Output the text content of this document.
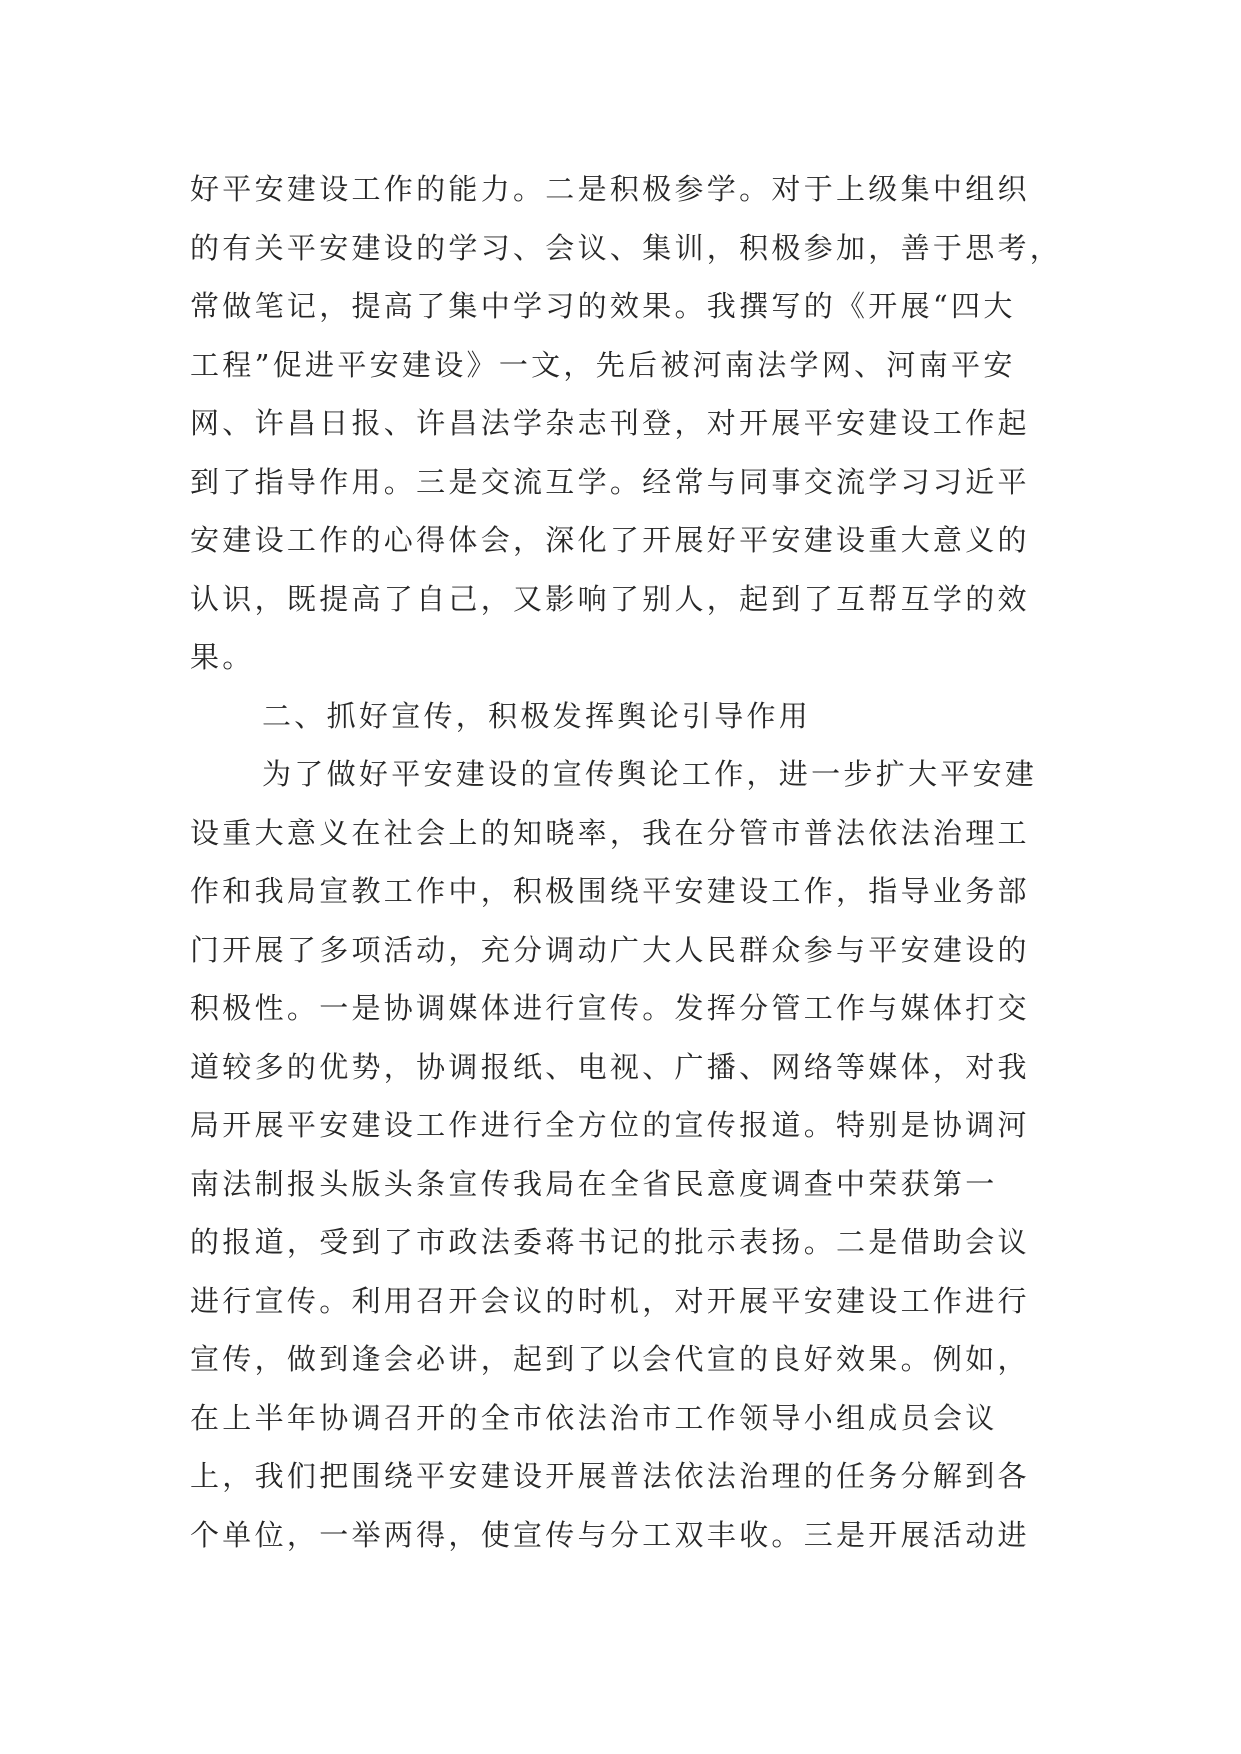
好平安建设工作的能力。二是积极参学。对于上级集中组织
的有关平安建设的学习、会议、集训，积极参加，善于思考，
常做笔记，提高了集中学习的效果。我撰写的《开展“四大
工程”促进平安建设》一文，先后被河南法学网、河南平安
网、许昌日报、许昌法学杂志刊登，对开展平安建设工作起
到了指导作用。三是交流互学。经常与同事交流学习习近平
安建设工作的心得体会，深化了开展好平安建设重大意义的
认识，既提高了自己，又影响了别人，起到了互帮互学的效
果。
二、抓好宣传，积极发挥舆论引导作用
为了做好平安建设的宣传舆论工作，进一步扩大平安建
设重大意义在社会上的知晓率，我在分管市普法依法治理工
作和我局宣教工作中，积极围绕平安建设工作，指导业务部
门开展了多项活动，充分调动广大人民群众参与平安建设的
积极性。一是协调媒体进行宣传。发挥分管工作与媒体打交
道较多的优势，协调报纸、电视、广播、网络等媒体，对我
局开展平安建设工作进行全方位的宣传报道。特别是协调河
南法制报头版头条宣传我局在全省民意度调查中荣获第一
的报道，受到了市政法委蒋书记的批示表扬。二是借助会议
进行宣传。利用召开会议的时机，对开展平安建设工作进行
宣传，做到逢会必讲，起到了以会代宣的良好效果。例如，
在上半年协调召开的全市依法治市工作领导小组成员会议
上，我们把围绕平安建设开展普法依法治理的任务分解到各
个单位，一举两得，使宣传与分工双丰收。三是开展活动进
